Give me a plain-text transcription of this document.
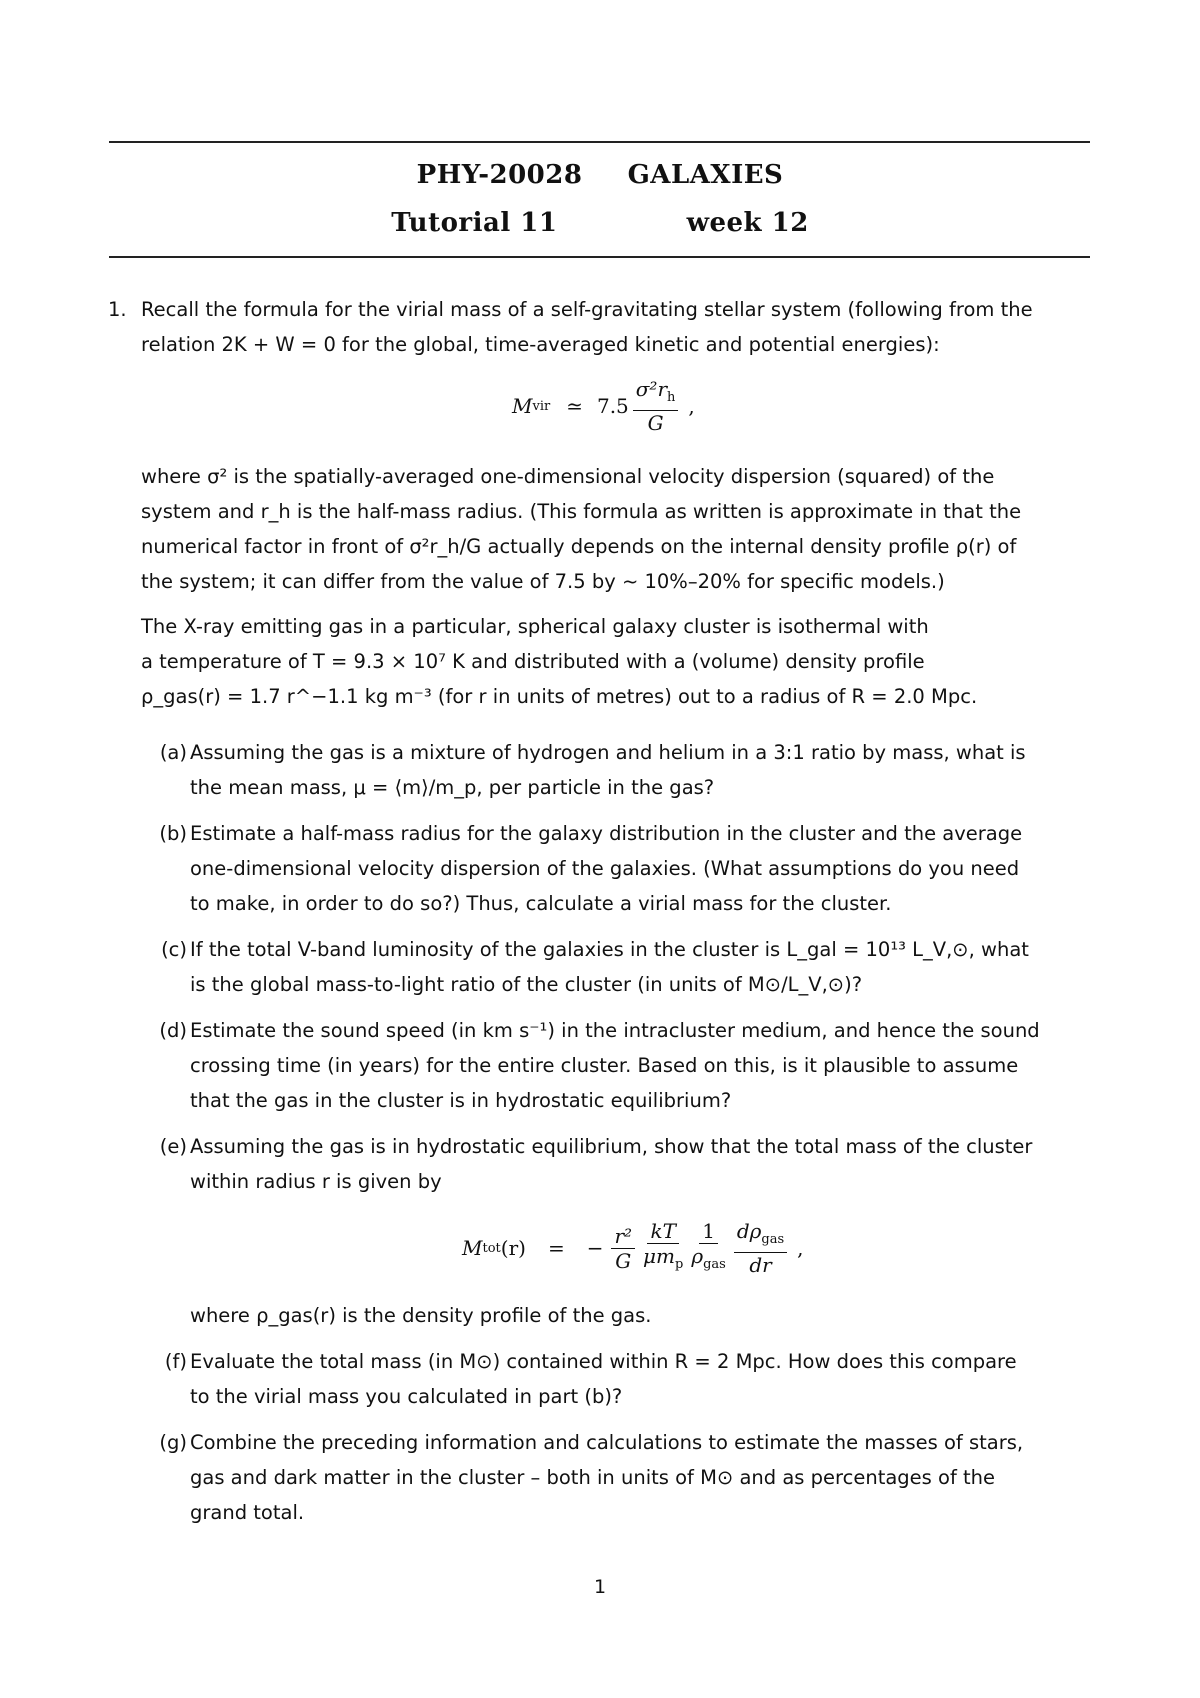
PHY-20028 GALAXIES
Tutorial 11	week 12
1. Recall the formula for the virial mass of a self-gravitating stellar system (following from the
relation 2K + W = 0 for the global, time-averaged kinetic and potential energies):
M vir ≃ $7.5 \frac{\sigma^2r_h}{G}$ ,
where σ² is the spatially-averaged one-dimensional velocity dispersion (squared) of the
system and r_h is the half-mass radius. (This formula as written is approximate in that the
numerical factor in front of σ²r_h/G actually depends on the internal density profile ρ(r) of
the system; it can differ from the value of 7.5 by ~ 10%–20% for specific models.)
The X-ray emitting gas in a particular, spherical galaxy cluster is isothermal with
a temperature of T = 9.3 × 10⁷ K and distributed with a (volume) density profile
ρ_gas(r) = 1.7 r^−1.1 kg m⁻³ (for r in units of metres) out to a radius of R = 2.0 Mpc.
(a) Assuming the gas is a mixture of hydrogen and helium in a 3:1 ratio by mass, what is
the mean mass, μ = ⟨m⟩/m_p, per particle in the gas?
(b) Estimate a half-mass radius for the galaxy distribution in the cluster and the average
one-dimensional velocity dispersion of the galaxies. (What assumptions do you need
to make, in order to do so?) Thus, calculate a virial mass for the cluster.
(c) If the total V-band luminosity of the galaxies in the cluster is L_gal = 10¹³ L_V,⊙, what
is the global mass-to-light ratio of the cluster (in units of M⊙/L_V,⊙)?
(d) Estimate the sound speed (in km s⁻¹) in the intracluster medium, and hence the sound
crossing time (in years) for the entire cluster. Based on this, is it plausible to assume
that the gas in the cluster is in hydrostatic equilibrium?
(e) Assuming the gas is in hydrostatic equilibrium, show that the total mass of the cluster
within radius r is given by
M tot (r) = − $\frac{\text{r²}}{G} \frac{kT}{\mu m_p} \frac{1}{\rho_{gas}} \frac{d\rho_{gas}}{dr}$ ,
where ρ_gas(r) is the density profile of the gas.
(f) Evaluate the total mass (in M⊙) contained within R = 2 Mpc. How does this compare
to the virial mass you calculated in part (b)?
(g) Combine the preceding information and calculations to estimate the masses of stars,
gas and dark matter in the cluster – both in units of M⊙ and as percentages of the
grand total.
1
